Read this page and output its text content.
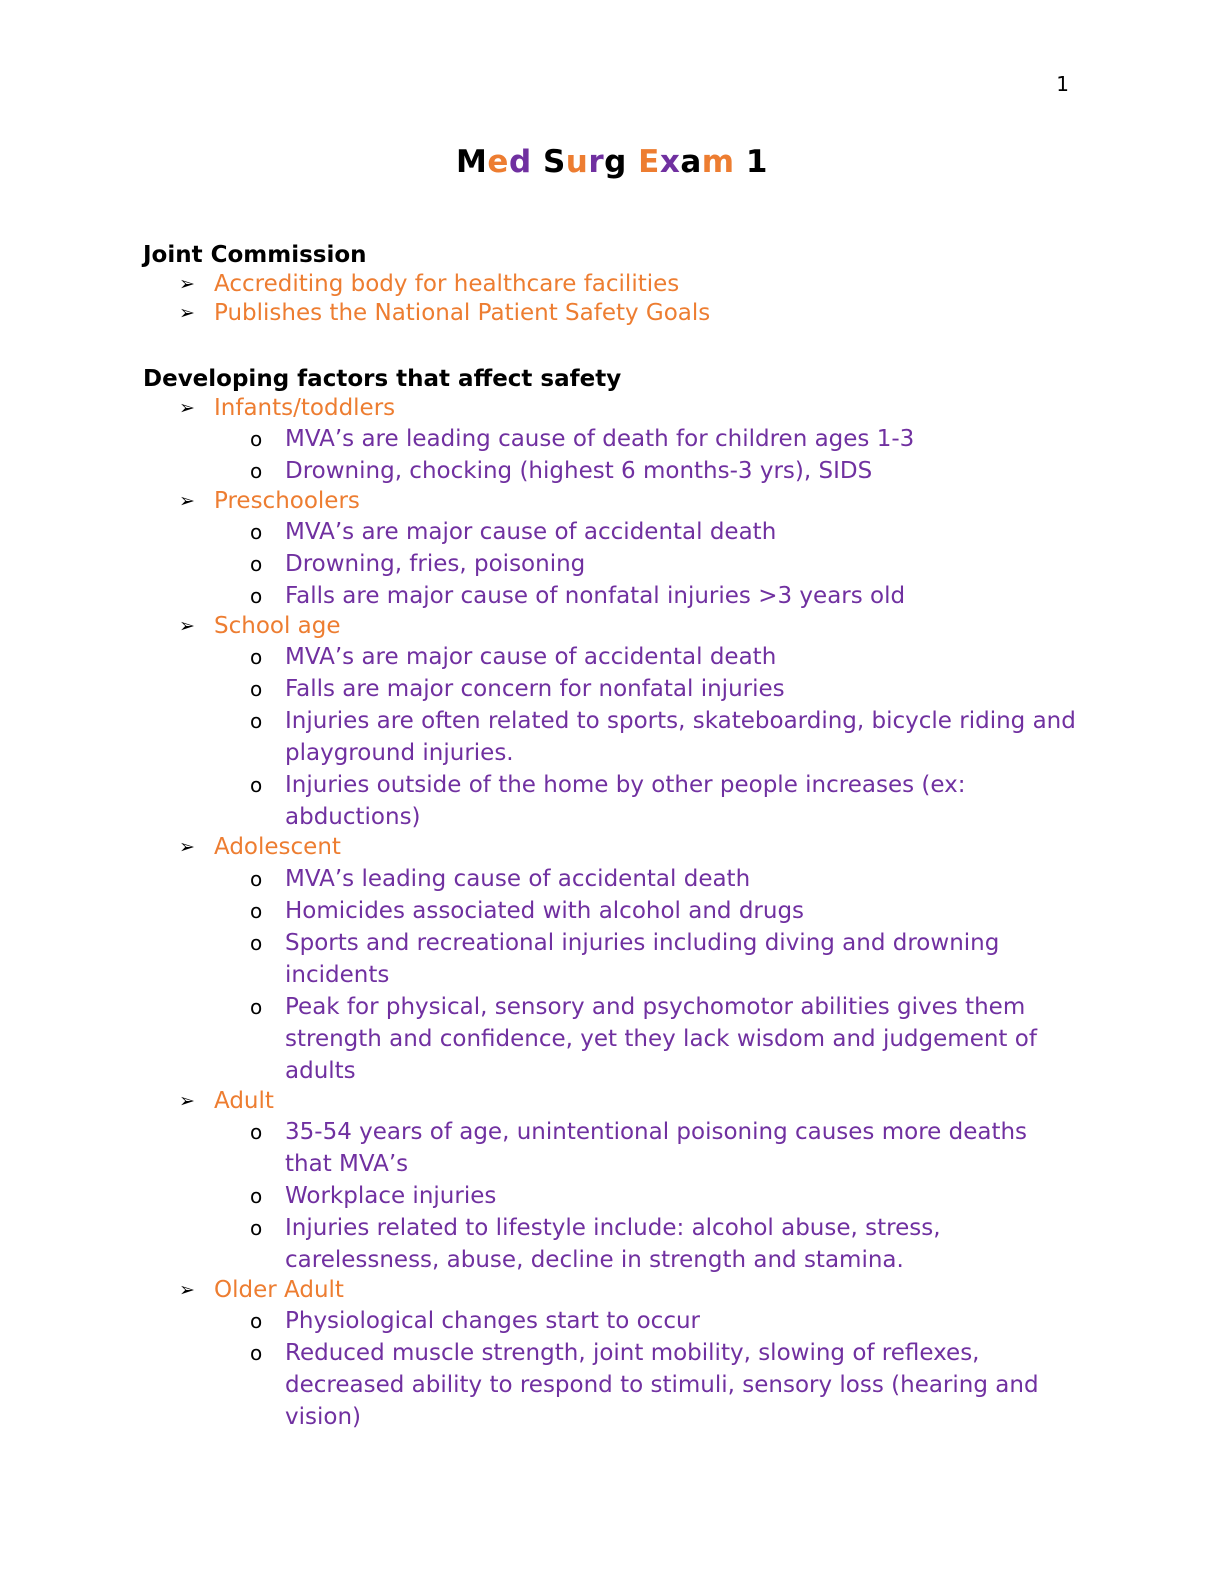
1
Med Surg Exam 1
Joint Commission
➢ Accrediting body for healthcare facilities
➢ Publishes the National Patient Safety Goals
Developing factors that affect safety
➢ Infants/toddlers
o MVA’s are leading cause of death for children ages 1-3
o Drowning, chocking (highest 6 months-3 yrs), SIDS
➢ Preschoolers
o MVA’s are major cause of accidental death
o Drowning, fries, poisoning
o Falls are major cause of nonfatal injuries >3 years old
➢ School age
o MVA’s are major cause of accidental death
o Falls are major concern for nonfatal injuries
o Injuries are often related to sports, skateboarding, bicycle riding and playground injuries.
o Injuries outside of the home by other people increases (ex: abductions)
➢ Adolescent
o MVA’s leading cause of accidental death
o Homicides associated with alcohol and drugs
o Sports and recreational injuries including diving and drowning incidents
o Peak for physical, sensory and psychomotor abilities gives them strength and confidence, yet they lack wisdom and judgement of adults
➢ Adult
o 35-54 years of age, unintentional poisoning causes more deaths that MVA’s
o Workplace injuries
o Injuries related to lifestyle include: alcohol abuse, stress, carelessness, abuse, decline in strength and stamina.
➢ Older Adult
o Physiological changes start to occur
o Reduced muscle strength, joint mobility, slowing of reflexes, decreased ability to respond to stimuli, sensory loss (hearing and vision)
